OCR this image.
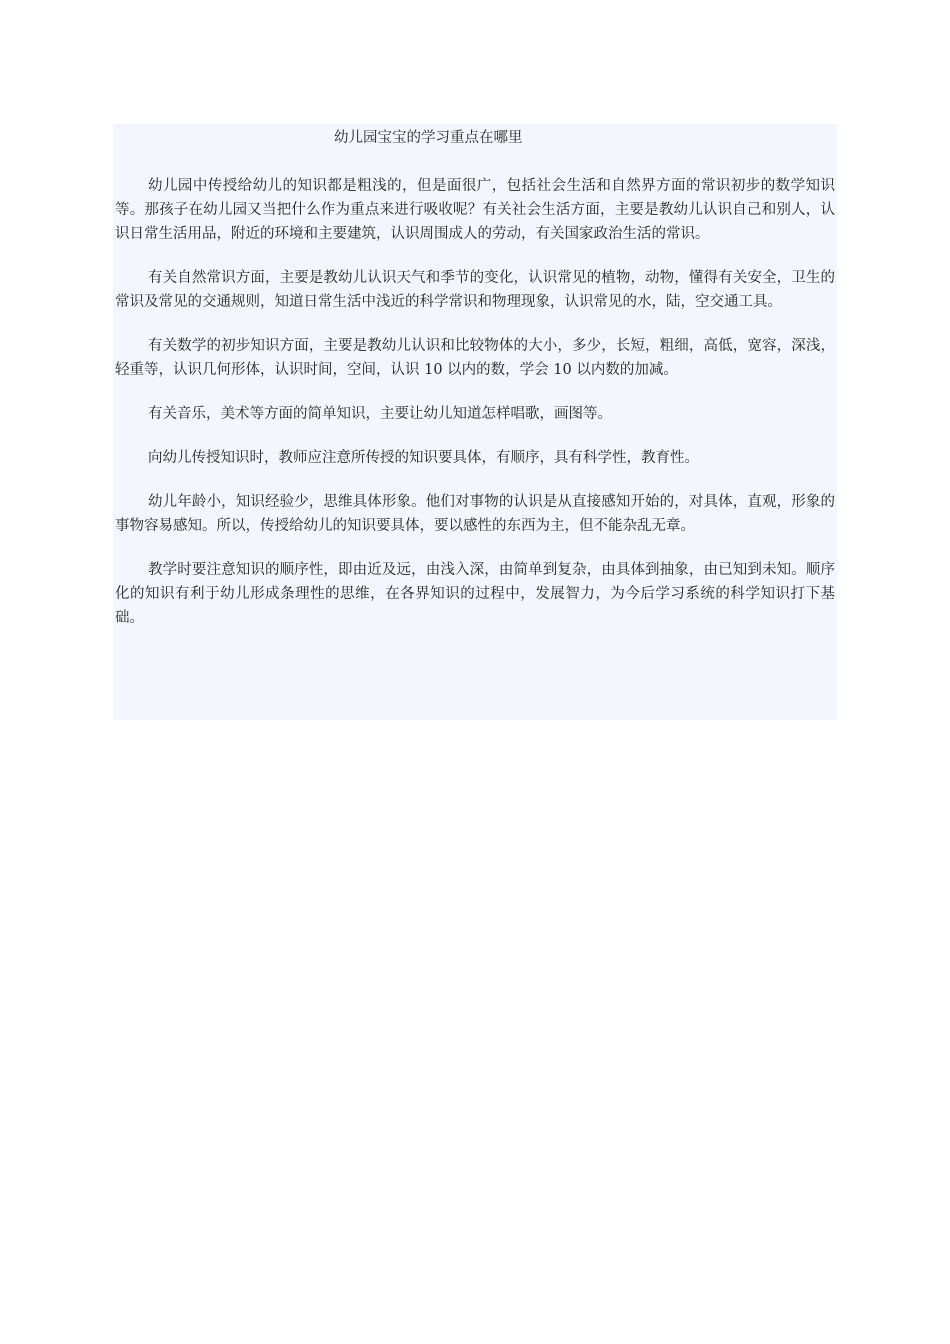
幼儿园宝宝的学习重点在哪里

幼儿园中传授给幼儿的知识都是粗浅的，但是面很广，包括社会生活和自然界方面的常识初步的数学知识等。那孩子在幼儿园又当把什么作为重点来进行吸收呢？有关社会生活方面，主要是教幼儿认识自己和别人，认识日常生活用品，附近的环境和主要建筑，认识周围成人的劳动，有关国家政治生活的常识。

有关自然常识方面，主要是教幼儿认识天气和季节的变化，认识常见的植物，动物，懂得有关安全，卫生的常识及常见的交通规则，知道日常生活中浅近的科学常识和物理现象，认识常见的水，陆，空交通工具。

有关数学的初步知识方面，主要是教幼儿认识和比较物体的大小，多少，长短，粗细，高低，宽容，深浅，轻重等，认识几何形体，认识时间，空间，认识 10 以内的数，学会 10 以内数的加减。

有关音乐，美术等方面的简单知识，主要让幼儿知道怎样唱歌，画图等。

向幼儿传授知识时，教师应注意所传授的知识要具体，有顺序，具有科学性，教育性。

幼儿年龄小，知识经验少，思维具体形象。他们对事物的认识是从直接感知开始的，对具体，直观，形象的事物容易感知。所以，传授给幼儿的知识要具体，要以感性的东西为主，但不能杂乱无章。

教学时要注意知识的顺序性，即由近及远，由浅入深，由简单到复杂，由具体到抽象，由已知到未知。顺序化的知识有利于幼儿形成条理性的思维，在各界知识的过程中，发展智力，为今后学习系统的科学知识打下基础。
